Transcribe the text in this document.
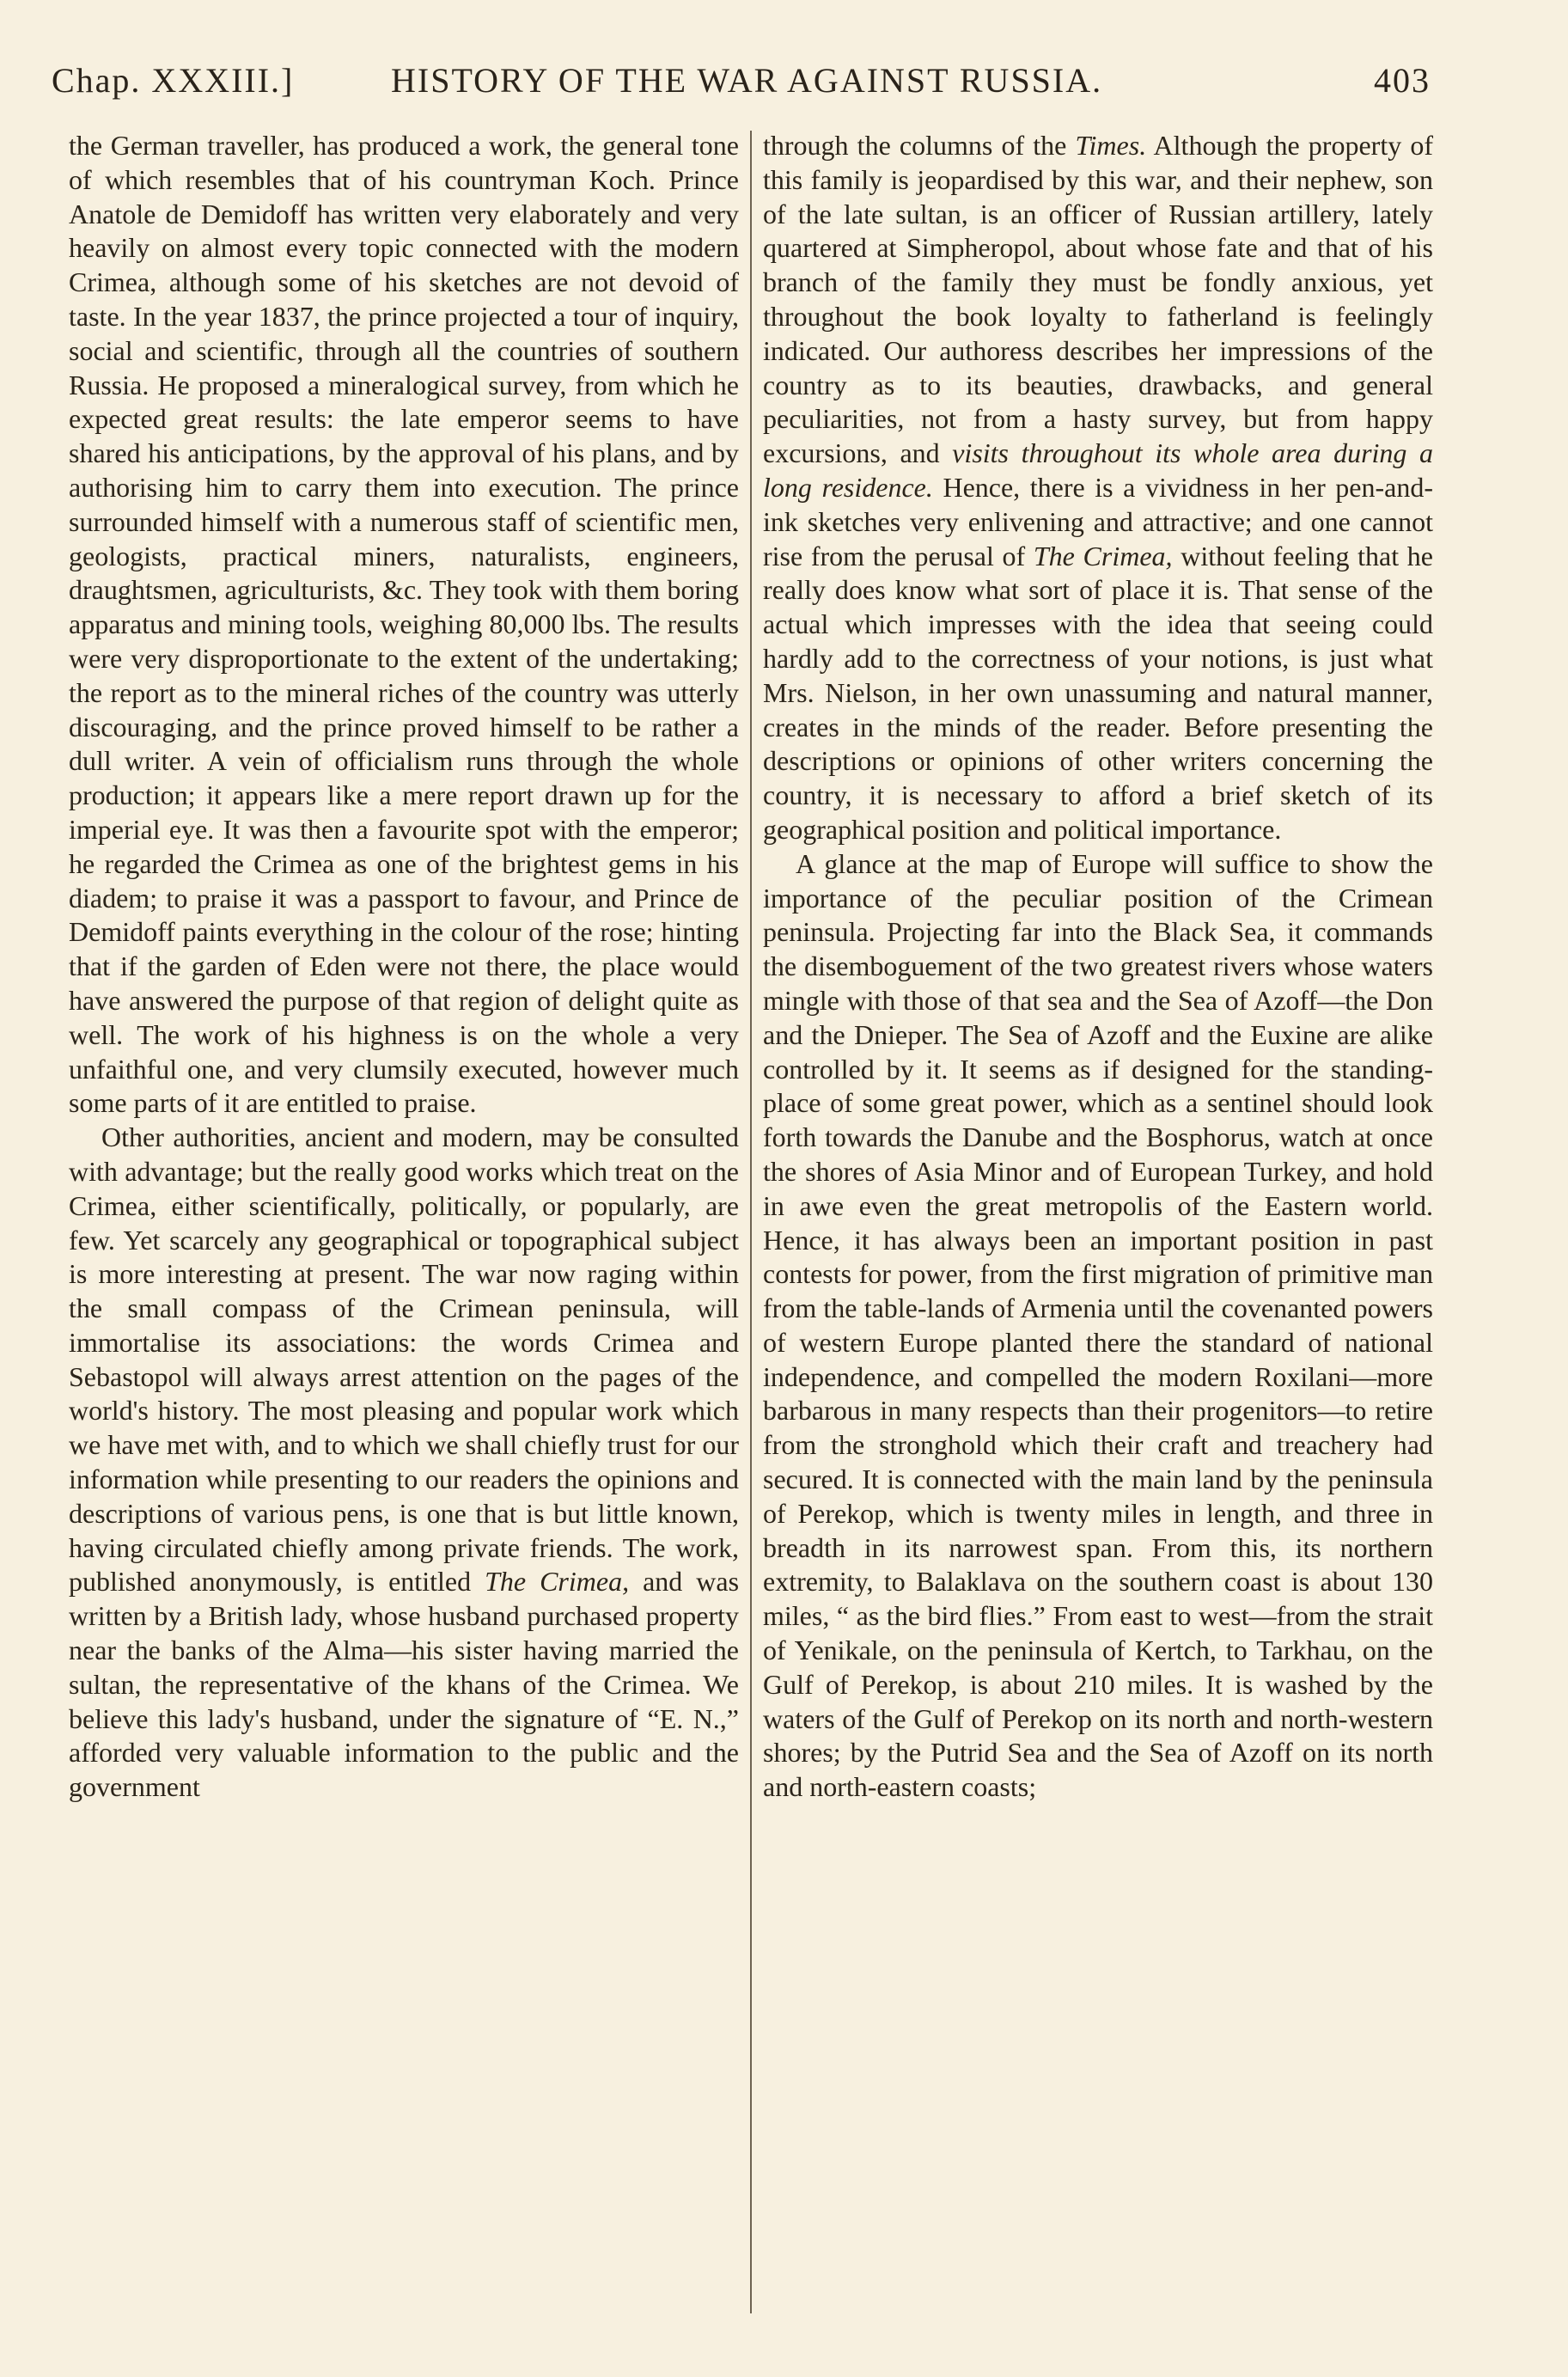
Chap. XXXIII.]	HISTORY OF THE WAR AGAINST RUSSIA.	403

the German traveller, has produced a work, the general tone of which resembles that of his countryman Koch. Prince Anatole de Demidoff has written very elaborately and very heavily on almost every topic connected with the modern Crimea, although some of his sketches are not devoid of taste. In the year 1837, the prince projected a tour of inquiry, social and scientific, through all the countries of southern Russia. He proposed a mineralogical survey, from which he expected great results: the late emperor seems to have shared his anticipations, by the approval of his plans, and by authorising him to carry them into execution. The prince surrounded himself with a numerous staff of scientific men, geologists, practical miners, naturalists, engineers, draughtsmen, agriculturists, &c. They took with them boring apparatus and mining tools, weighing 80,000 lbs. The results were very disproportionate to the extent of the undertaking; the report as to the mineral riches of the country was utterly discouraging, and the prince proved himself to be rather a dull writer. A vein of officialism runs through the whole production; it appears like a mere report drawn up for the imperial eye. It was then a favourite spot with the emperor; he regarded the Crimea as one of the brightest gems in his diadem; to praise it was a passport to favour, and Prince de Demidoff paints everything in the colour of the rose; hinting that if the garden of Eden were not there, the place would have answered the purpose of that region of delight quite as well. The work of his highness is on the whole a very unfaithful one, and very clumsily executed, however much some parts of it are entitled to praise.

Other authorities, ancient and modern, may be consulted with advantage; but the really good works which treat on the Crimea, either scientifically, politically, or popularly, are few. Yet scarcely any geographical or topographical subject is more interesting at present. The war now raging within the small compass of the Crimean peninsula, will immortalise its associations: the words Crimea and Sebastopol will always arrest attention on the pages of the world's history. The most pleasing and popular work which we have met with, and to which we shall chiefly trust for our information while presenting to our readers the opinions and descriptions of various pens, is one that is but little known, having circulated chiefly among private friends. The work, published anonymously, is entitled The Crimea, and was written by a British lady, whose husband purchased property near the banks of the Alma—his sister having married the sultan, the representative of the khans of the Crimea. We believe this lady's husband, under the signature of “E. N.,” afforded very valuable information to the public and the government

through the columns of the Times. Although the property of this family is jeopardised by this war, and their nephew, son of the late sultan, is an officer of Russian artillery, lately quartered at Simpheropol, about whose fate and that of his branch of the family they must be fondly anxious, yet throughout the book loyalty to fatherland is feelingly indicated. Our authoress describes her impressions of the country as to its beauties, drawbacks, and general peculiarities, not from a hasty survey, but from happy excursions, and visits throughout its whole area during a long residence. Hence, there is a vividness in her pen-and-ink sketches very enlivening and attractive; and one cannot rise from the perusal of The Crimea, without feeling that he really does know what sort of place it is. That sense of the actual which impresses with the idea that seeing could hardly add to the correctness of your notions, is just what Mrs. Nielson, in her own unassuming and natural manner, creates in the minds of the reader. Before presenting the descriptions or opinions of other writers concerning the country, it is necessary to afford a brief sketch of its geographical position and political importance.

A glance at the map of Europe will suffice to show the importance of the peculiar position of the Crimean peninsula. Projecting far into the Black Sea, it commands the disemboguement of the two greatest rivers whose waters mingle with those of that sea and the Sea of Azoff—the Don and the Dnieper. The Sea of Azoff and the Euxine are alike controlled by it. It seems as if designed for the standing-place of some great power, which as a sentinel should look forth towards the Danube and the Bosphorus, watch at once the shores of Asia Minor and of European Turkey, and hold in awe even the great metropolis of the Eastern world. Hence, it has always been an important position in past contests for power, from the first migration of primitive man from the table-lands of Armenia until the covenanted powers of western Europe planted there the standard of national independence, and compelled the modern Roxilani—more barbarous in many respects than their progenitors—to retire from the stronghold which their craft and treachery had secured. It is connected with the main land by the peninsula of Perekop, which is twenty miles in length, and three in breadth in its narrowest span. From this, its northern extremity, to Balaklava on the southern coast is about 130 miles, “ as the bird flies.” From east to west—from the strait of Yenikale, on the peninsula of Kertch, to Tarkhau, on the Gulf of Perekop, is about 210 miles. It is washed by the waters of the Gulf of Perekop on its north and north-western shores; by the Putrid Sea and the Sea of Azoff on its north and north-eastern coasts;
